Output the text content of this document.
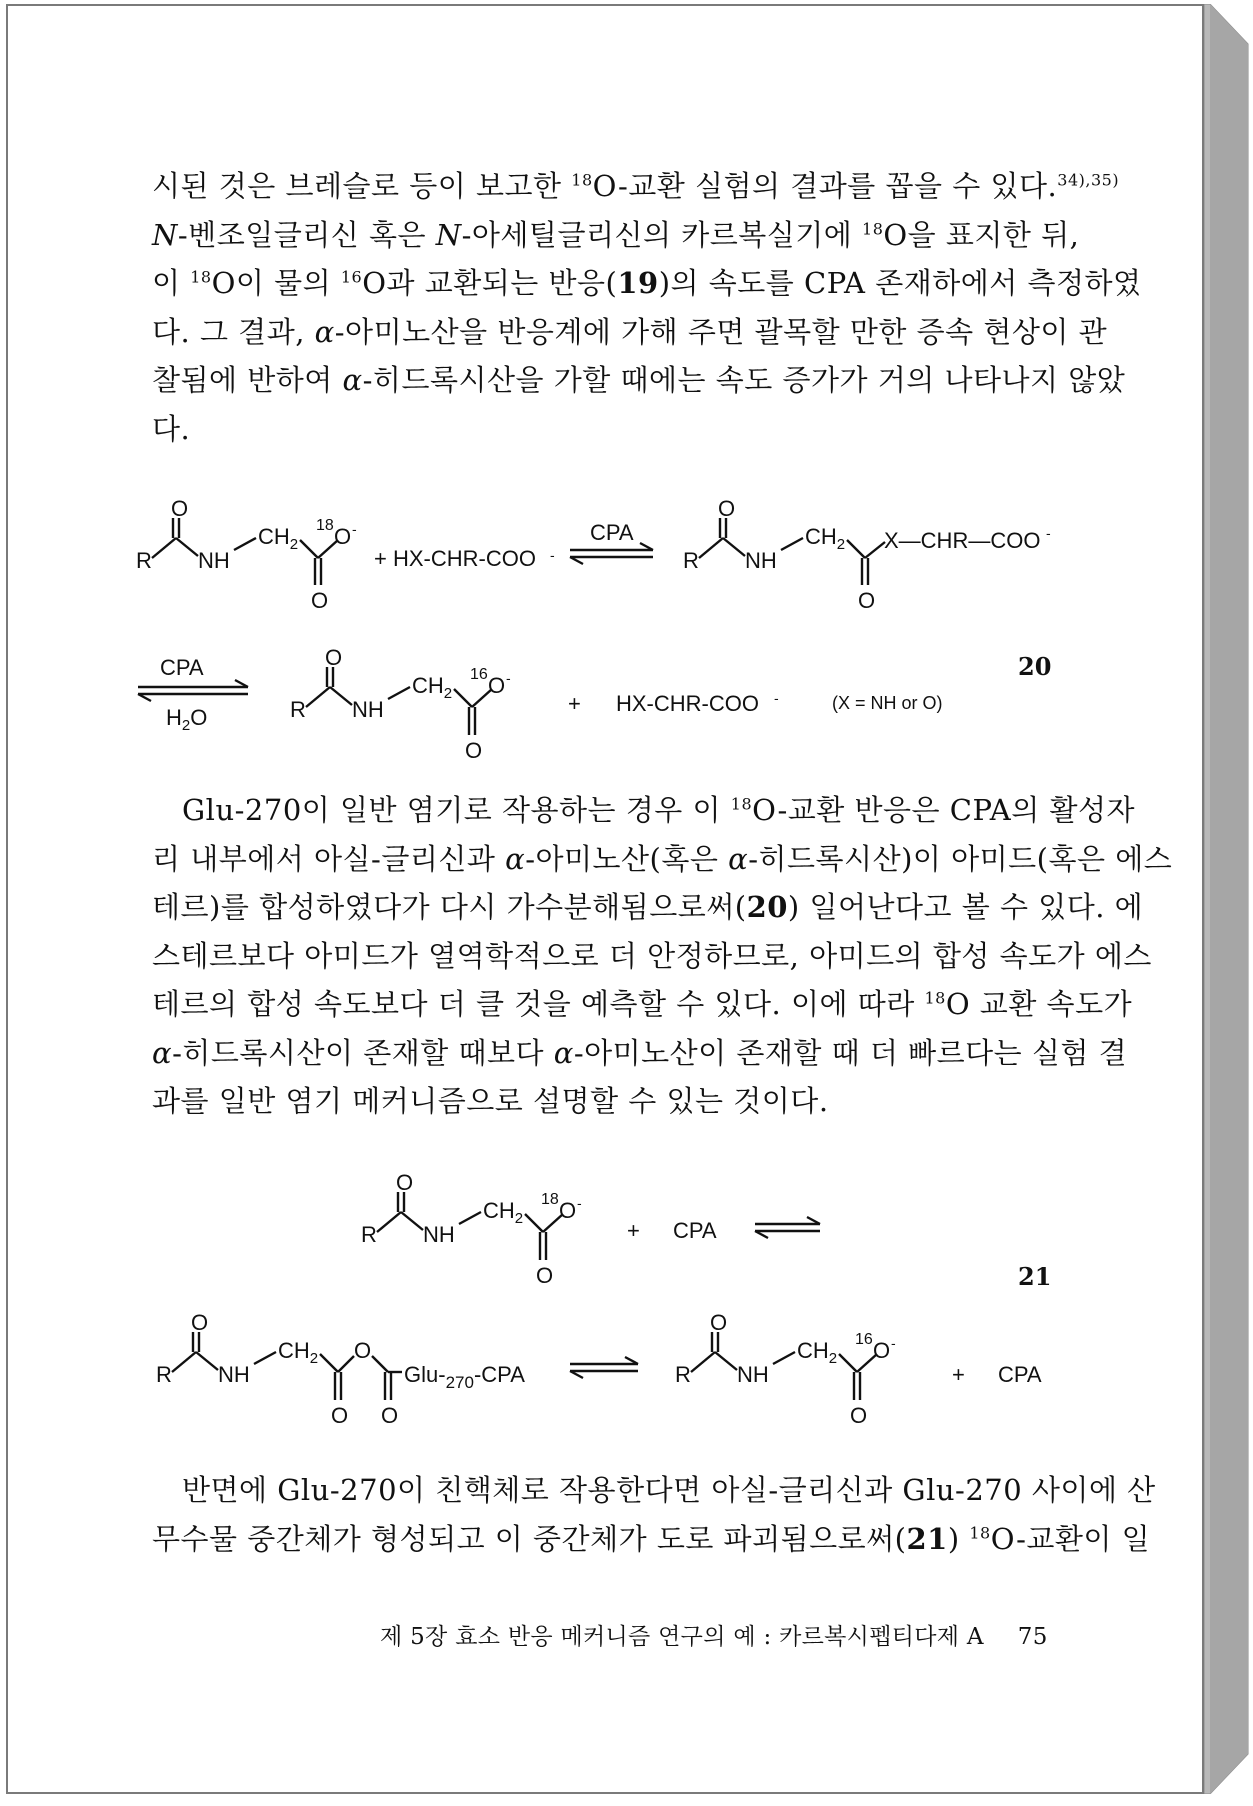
시된 것은 브레슬로 등이 보고한 $^{18}$O-교환 실험의 결과를 꼽을 수 있다.$^{34),35)}$
N-벤조일글리신 혹은 N-아세틸글리신의 카르복실기에 $^{18}$O을 표지한 뒤,
이 $^{18}$O이 물의 $^{16}$O과 교환되는 반응(19)의 속도를 CPA 존재하에서 측정하였
다. 그 결과, α-아미노산을 반응계에 가해 주면 괄목할 만한 증속 현상이 관
찰됨에 반하여 α-히드록시산을 가할 때에는 속도 증가가 거의 나타나지 않았
다.
O
R NH
$CH_2$
18 O -
O
+ HX-CHR-COO -
CPA
O
R NH
$CH_2$
O
X—CHR—COO -
CPA
$H_2O$
O
R NH
$CH_2$
16 O -
O
+ HX-CHR-COO -	(X = NH or O)
20
Glu-270이 일반 염기로 작용하는 경우 이 $^{18}$O-교환 반응은 CPA의 활성자
리 내부에서 아실-글리신과 α-아미노산(혹은 α-히드록시산)이 아미드(혹은 에스
테르)를 합성하였다가 다시 가수분해됨으로써(20) 일어난다고 볼 수 있다. 에
스테르보다 아미드가 열역학적으로 더 안정하므로, 아미드의 합성 속도가 에스
테르의 합성 속도보다 더 클 것을 예측할 수 있다. 이에 따라 $^{18}$O 교환 속도가
α-히드록시산이 존재할 때보다 α-아미노산이 존재할 때 더 빠르다는 실험 결
과를 일반 염기 메커니즘으로 설명할 수 있는 것이다.
O
R NH
$CH_2$
18 O -
O
+ CPA
21
O
R NH
$CH_2$ O
O O
Glu-$_{270}$-CPA
O
R NH
$CH_2$
16 O -
O
+ CPA
반면에 Glu-270이 친핵체로 작용한다면 아실-글리신과 Glu-270 사이에 산
무수물 중간체가 형성되고 이 중간체가 도로 파괴됨으로써(21) $^{18}$O-교환이 일
제 5장 효소 반응 메커니즘 연구의 예 : 카르복시펩티다제 A 75
